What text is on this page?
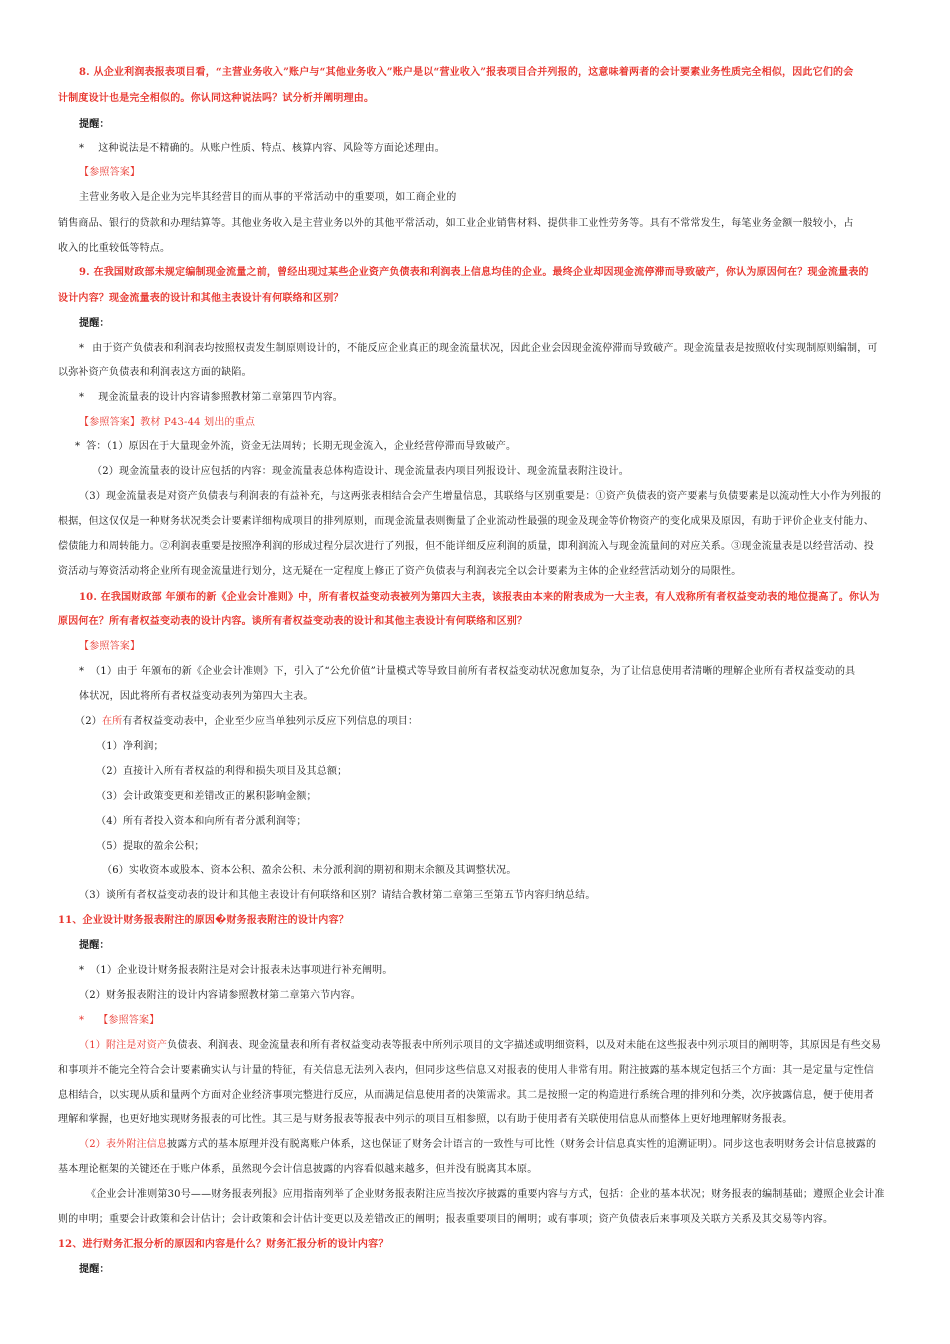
8. 从企业利润表报表项目看，“主营业务收入”账户与“其他业务收入”账户是以“营业收入”报表项目合并列报的，这意味着两者的会计要素业务性质完全相似，因此它们的会
计制度设计也是完全相似的。你认同这种说法吗？试分析并阐明理由。
提醒：
* 这种说法是不精确的。从账户性质、特点、核算内容、风险等方面论述理由。
【参照答案】
主营业务收入是企业为完毕其经营目的而从事的平常活动中的重要项，如工商企业的
销售商品、银行的贷款和办理结算等。其他业务收入是主营业务以外的其他平常活动，如工业企业销售材料、提供非工业性劳务等。具有不常常发生，每笔业务金额一般较小，占
收入的比重较低等特点。
9. 在我国财政部未规定编制现金流量之前，曾经出现过某些企业资产负债表和利润表上信息均佳的企业。最终企业却因现金流停滞而导致破产，你认为原因何在？现金流量表的
设计内容？现金流量表的设计和其他主表设计有何联络和区别？
提醒：
* 由于资产负债表和利润表均按照权责发生制原则设计的，不能反应企业真正的现金流量状况，因此企业会因现金流停滞而导致破产。现金流量表是按照收付实现制原则编制，可
以弥补资产负债表和利润表这方面的缺陷。
* 现金流量表的设计内容请参照教材第二章第四节内容。
【参照答案】教材 P43-44 划出的重点
* 答：（1）原因在于大量现金外流，资金无法周转；长期无现金流入，企业经营停滞而导致破产。
（2）现金流量表的设计应包括的内容：现金流量表总体构造设计、现金流量表内项目列报设计、现金流量表附注设计。
（3）现金流量表是对资产负债表与利润表的有益补充，与这两张表相结合会产生增量信息，其联络与区别重要是：①资产负债表的资产要素与负债要素是以流动性大小作为列报的
根据，但这仅仅是一种财务状况类会计要素详细构成项目的排列原则，而现金流量表则衡量了企业流动性最强的现金及现金等价物资产的变化成果及原因，有助于评价企业支付能力、
偿债能力和周转能力。②利润表重要是按照净利润的形成过程分层次进行了列报，但不能详细反应利润的质量，即利润流入与现金流量间的对应关系。③现金流量表是以经营活动、投
资活动与筹资活动将企业所有现金流量进行划分，这无疑在一定程度上修正了资产负债表与利润表完全以会计要素为主体的企业经营活动划分的局限性。
10. 在我国财政部 年颁布的新《企业会计准则》中，所有者权益变动表被列为第四大主表，该报表由本来的附表成为一大主表，有人戏称所有者权益变动表的地位提高了。你认为
原因何在？所有者权益变动表的设计内容。谈所有者权益变动表的设计和其他主表设计有何联络和区别？
【参照答案】
* （1）由于 年颁布的新《企业会计准则》下，引入了“公允价值”计量模式等导致目前所有者权益变动状况愈加复杂，为了让信息使用者清晰的理解企业所有者权益变动的具
体状况，因此将所有者权益变动表列为第四大主表。
（2）在所有者权益变动表中，企业至少应当单独列示反应下列信息的项目：
（1）净利润；
（2）直接计入所有者权益的利得和损失项目及其总额；
（3）会计政策变更和差错改正的累积影响金额；
（4）所有者投入资本和向所有者分派利润等；
（5）提取的盈余公积；
（6）实收资本或股本、资本公积、盈余公积、未分派利润的期初和期末余额及其调整状况。
（3）谈所有者权益变动表的设计和其他主表设计有何联络和区别？请结合教材第二章第三至第五节内容归纳总结。
11、企业设计财务报表附注的原因�财务报表附注的设计内容？
提醒：
* （1）企业设计财务报表附注是对会计报表未达事项进行补充阐明。
（2）财务报表附注的设计内容请参照教材第二章第六节内容。
* 【参照答案】
（1）附注是对资产负债表、利润表、现金流量表和所有者权益变动表等报表中所列示项目的文字描述或明细资料，以及对未能在这些报表中列示项目的阐明等，其原因是有些交易
和事项并不能完全符合会计要素确实认与计量的特征，有关信息无法列入表内，但同步这些信息又对报表的使用人非常有用。附注披露的基本规定包括三个方面：其一是定量与定性信
息相结合，以实现从质和量两个方面对企业经济事项完整进行反应，从而满足信息使用者的决策需求。其二是按照一定的构造进行系统合理的排列和分类，次序披露信息，便于使用者
理解和掌握，也更好地实现财务报表的可比性。其三是与财务报表等报表中列示的项目互相参照，以有助于使用者有关联使用信息从而整体上更好地理解财务报表。
（2）表外附注信息披露方式的基本原理并没有脱离账户体系，这也保证了财务会计语言的一致性与可比性（财务会计信息真实性的追溯证明）。同步这也表明财务会计信息披露的
基本理论框架的关键还在于账户体系，虽然现今会计信息披露的内容看似越来越多，但并没有脱离其本原。
《企业会计准则第30号——财务报表列报》应用指南列举了企业财务报表附注应当按次序披露的重要内容与方式，包括：企业的基本状况；财务报表的编制基础；遵照企业会计准
则的申明；重要会计政策和会计估计；会计政策和会计估计变更以及差错改正的阐明；报表重要项目的阐明；或有事项；资产负债表后来事项及关联方关系及其交易等内容。
12、进行财务汇报分析的原因和内容是什么？财务汇报分析的设计内容？
提醒：
